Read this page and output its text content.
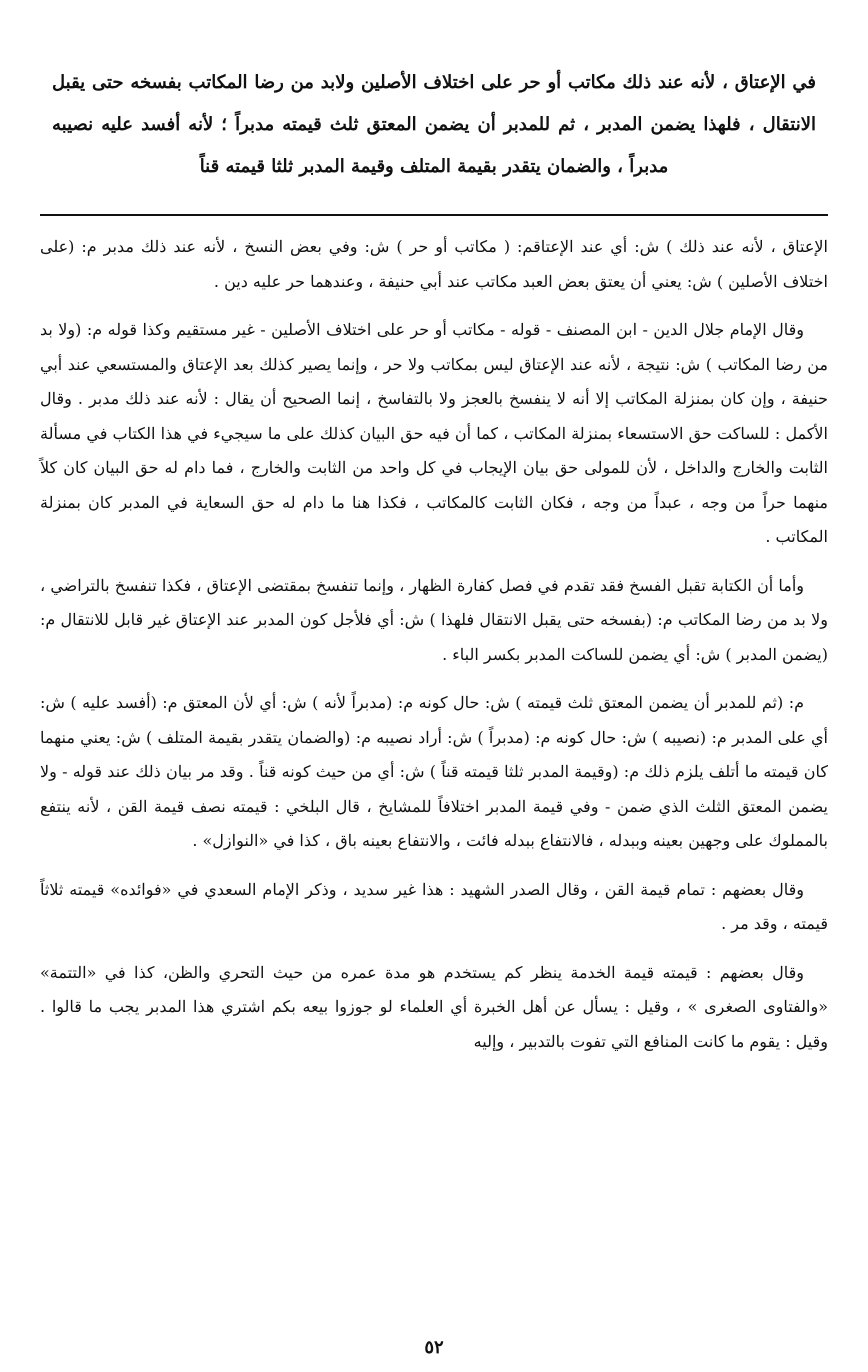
في الإعتاق ، لأنه عند ذلك مكاتب أو حر على اختلاف الأصلين ولابد من رضا المكاتب بفسخه حتى يقبل الانتقال ، فلهذا يضمن المدبر ، ثم للمدبر أن يضمن المعتق ثلث قيمته مدبراً ؛ لأنه أفسد عليه نصيبه مدبراً ، والضمان يتقدر بقيمة المتلف وقيمة المدبر ثلثا قيمته قناً

الإعتاق ، لأنه عند ذلك ) ش: أي عند الإعتاقم: ( مكاتب أو حر ) ش: وفي بعض النسخ ، لأنه عند ذلك مدبر م: (على اختلاف الأصلين ) ش: يعني أن يعتق بعض العبد مكاتب عند أبي حنيفة ، وعندهما حر عليه دين .

وقال الإمام جلال الدين - ابن المصنف - قوله - مكاتب أو حر على اختلاف الأصلين - غير مستقيم وكذا قوله م: (ولا بد من رضا المكاتب ) ش: نتيجة ، لأنه عند الإعتاق ليس بمكاتب ولا حر ، وإنما يصير كذلك بعد الإعتاق والمستسعي عند أبي حنيفة ، وإن كان بمنزلة المكاتب إلا أنه لا ينفسخ بالعجز ولا بالتفاسخ ، إنما الصحيح أن يقال : لأنه عند ذلك مدبر . وقال الأكمل : للساكت حق الاستسعاء بمنزلة المكاتب ، كما أن فيه حق البيان كذلك على ما سيجيء في هذا الكتاب في مسألة الثابت والخارج والداخل ، لأن للمولى حق بيان الإيجاب في كل واحد من الثابت والخارج ، فما دام له حق البيان كان كلاً منهما حراً من وجه ، عبداً من وجه ، فكان الثابت كالمكاتب ، فكذا هنا ما دام له حق السعاية في المدبر كان بمنزلة المكاتب .

وأما أن الكتابة تقبل الفسخ فقد تقدم في فصل كفارة الظهار ، وإنما تنفسخ بمقتضى الإعتاق ، فكذا تنفسخ بالتراضي ، ولا بد من رضا المكاتب م: (بفسخه حتى يقبل الانتقال فلهذا ) ش: أي فلأجل كون المدبر عند الإعتاق غير قابل للانتقال م: (يضمن المدبر ) ش: أي يضمن للساكت المدبر بكسر الباء .

م: (ثم للمدبر أن يضمن المعتق ثلث قيمته ) ش: حال كونه م: (مدبراً لأنه ) ش: أي لأن المعتق م: (أفسد عليه ) ش: أي على المدبر م: (نصيبه ) ش: حال كونه م: (مدبراً ) ش: أراد نصيبه م: (والضمان يتقدر بقيمة المتلف ) ش: يعني منهما كان قيمته ما أتلف يلزم ذلك م: (وقيمة المدبر ثلثا قيمته قناً ) ش: أي من حيث كونه قناً . وقد مر بيان ذلك عند قوله - ولا يضمن المعتق الثلث الذي ضمن - وفي قيمة المدبر اختلافاً للمشايخ ، قال البلخي : قيمته نصف قيمة القن ، لأنه ينتفع بالمملوك على وجهين بعينه وببدله ، فالانتفاع ببدله فائت ، والانتفاع بعينه باق ، كذا في «النوازل» .

وقال بعضهم : تمام قيمة القن ، وقال الصدر الشهيد : هذا غير سديد ، وذكر الإمام السعدي في «فوائده» قيمته ثلاثاً قيمته ، وقد مر .

وقال بعضهم : قيمته قيمة الخدمة ينظر كم يستخدم هو مدة عمره من حيث التحري والظن، كذا في «التتمة» «والفتاوى الصغرى » ، وقيل : يسأل عن أهل الخبرة أي العلماء لو جوزوا بيعه بكم اشتري هذا المدبر يجب ما قالوا . وقيل : يقوم ما كانت المنافع التي تفوت بالتدبير ، وإليه

٥٢
